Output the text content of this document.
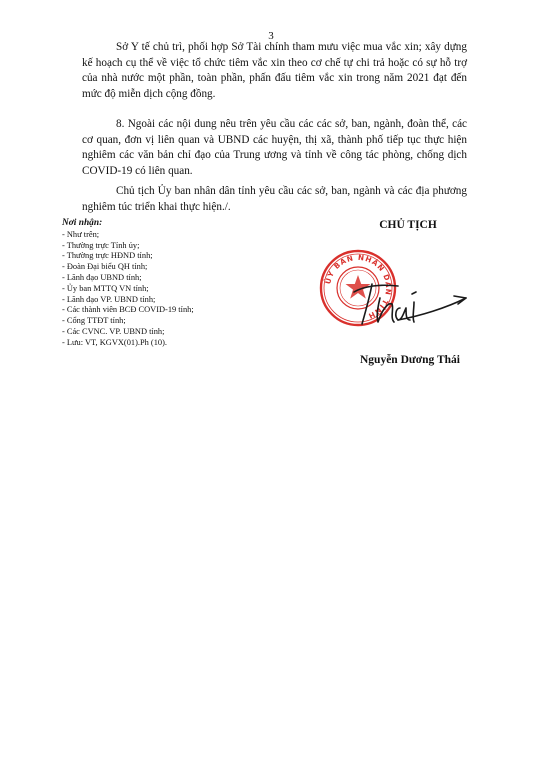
3

Sở Y tế chủ trì, phối hợp Sở Tài chính tham mưu việc mua vắc xin; xây dựng kế hoạch cụ thể về việc tổ chức tiêm vắc xin theo cơ chế tự chi trả hoặc có sự hỗ trợ của nhà nước một phần, toàn phần, phấn đấu tiêm vắc xin trong năm 2021 đạt đến mức độ miễn dịch cộng đồng.

8. Ngoài các nội dung nêu trên yêu cầu các các sở, ban, ngành, đoàn thể, các cơ quan, đơn vị liên quan và UBND các huyện, thị xã, thành phố tiếp tục thực hiện nghiêm các văn bản chỉ đạo của Trung ương và tỉnh về công tác phòng, chống dịch COVID-19 có liên quan.

Chủ tịch Ủy ban nhân dân tỉnh yêu cầu các sở, ban, ngành và các địa phương nghiêm túc triển khai thực hiện./.

Nơi nhận:
- Như trên;
- Thường trực Tỉnh ủy;
- Thường trực HĐND tỉnh;
- Đoàn Đại biểu QH tỉnh;
- Lãnh đạo UBND tỉnh;
- Ủy ban MTTQ VN tỉnh;
- Lãnh đạo VP. UBND tỉnh;
- Các thành viên BCĐ COVID-19 tỉnh;
- Cổng TTĐT tỉnh;
- Các CVNC. VP. UBND tỉnh;
- Lưu: VT, KGVX(01).Ph (10).
CHỦ TỊCH
ỦY BAN NHÂN DÂN TỈNH
Nguyễn Dương Thái
